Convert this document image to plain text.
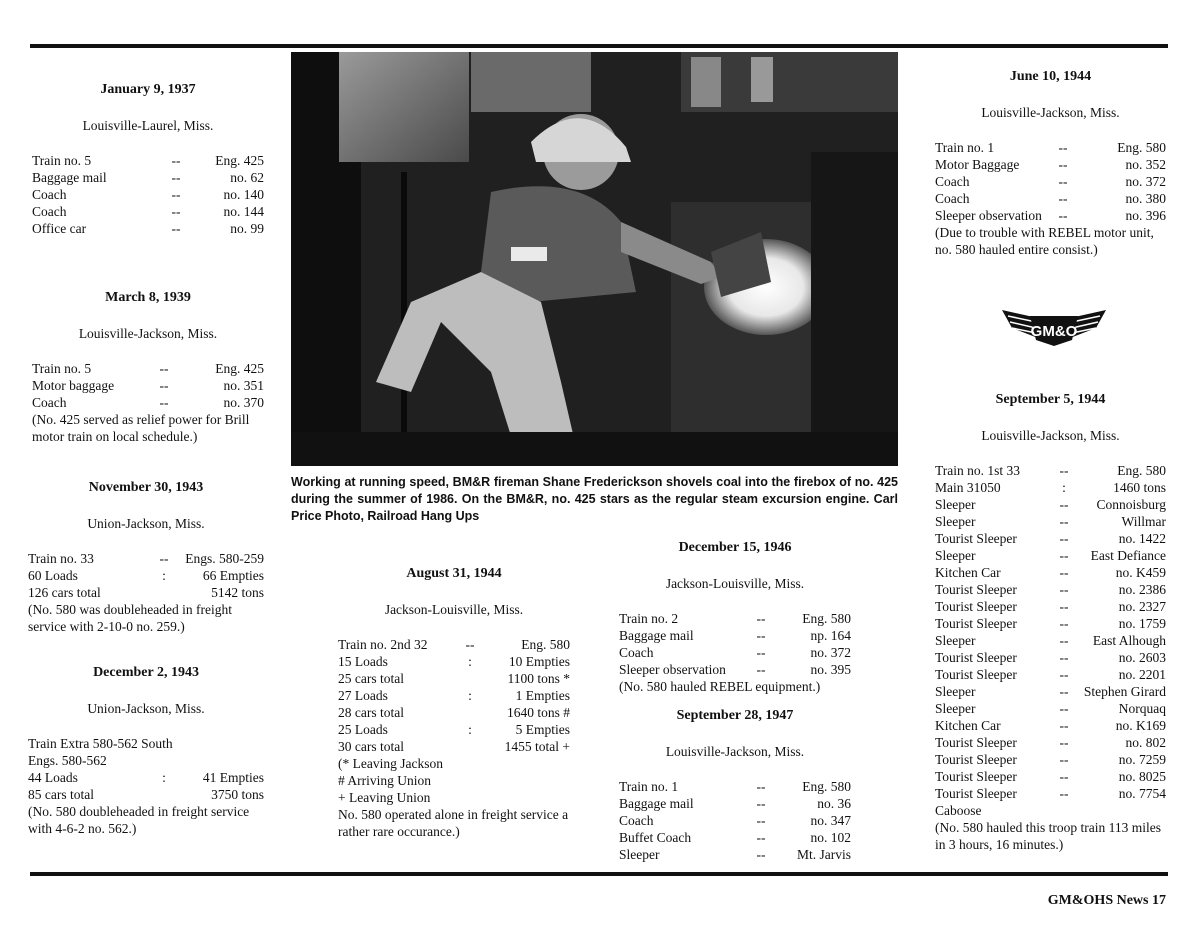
January 9, 1937
Louisville-Laurel, Miss.
Train no. 5	--	Eng. 425
Baggage mail	--	no. 62
Coach	--	no. 140
Coach	--	no. 144
Office car	--	no. 99
March 8, 1939
Louisville-Jackson, Miss.
Train no. 5	--	Eng. 425
Motor baggage	--	no. 351
Coach	--	no. 370
(No. 425 served as relief power for Brill motor train on local schedule.)
November 30, 1943
Union-Jackson, Miss.
Train no. 33	--	Engs. 580-259
60 Loads	:	66 Empties
126 cars total	5142 tons
(No. 580 was doubleheaded in freight service with 2-10-0 no. 259.)
December 2, 1943
Union-Jackson, Miss.
Train Extra 580-562 South
Engs. 580-562
44 Loads	:	41 Empties
85 cars total	3750 tons
(No. 580 doubleheaded in freight service with 4-6-2 no. 562.)
Working at running speed, BM&R fireman Shane Frederickson shovels coal into the firebox of no. 425 during the summer of 1986. On the BM&R, no. 425 stars as the regular steam excursion engine. Carl Price Photo, Railroad Hang Ups
August 31, 1944
Jackson-Louisville, Miss.
Train no. 2nd 32	--	Eng. 580
15 Loads	:	10 Empties
25 cars total	1100 tons *
27 Loads	:	1 Empties
28 cars total	1640 tons #
25 Loads	:	5 Empties
30 cars total	1455 total +
(* Leaving Jackson
# Arriving Union
+ Leaving Union
No. 580 operated alone in freight service a rather rare occurance.)
December 15, 1946
Jackson-Louisville, Miss.
Train no. 2	--	Eng. 580
Baggage mail	--	np. 164
Coach	--	no. 372
Sleeper observation	--	no. 395
(No. 580 hauled REBEL equipment.)
September 28, 1947
Louisville-Jackson, Miss.
Train no. 1	--	Eng. 580
Baggage mail	--	no. 36
Coach	--	no. 347
Buffet Coach	--	no. 102
Sleeper	--	Mt. Jarvis
June 10, 1944
Louisville-Jackson, Miss.
Train no. 1	--	Eng. 580
Motor Baggage	--	no. 352
Coach	--	no. 372
Coach	--	no. 380
Sleeper observation	--	no. 396
(Due to trouble with REBEL motor unit, no. 580 hauled entire consist.)
GM&O
September 5, 1944
Louisville-Jackson, Miss.
Train no. 1st 33	--	Eng. 580
Main 31050	:	1460 tons
Sleeper	--	Connoisburg
Sleeper	--	Willmar
Tourist Sleeper	--	no. 1422
Sleeper	--	East Defiance
Kitchen Car	--	no. K459
Tourist Sleeper	--	no. 2386
Tourist Sleeper	--	no. 2327
Tourist Sleeper	--	no. 1759
Sleeper	--	East Alhough
Tourist Sleeper	--	no. 2603
Tourist Sleeper	--	no. 2201
Sleeper	--	Stephen Girard
Sleeper	--	Norquaq
Kitchen Car	--	no. K169
Tourist Sleeper	--	no. 802
Tourist Sleeper	--	no. 7259
Tourist Sleeper	--	no. 8025
Tourist Sleeper	--	no. 7754
Caboose
(No. 580 hauled this troop train 113 miles in 3 hours, 16 minutes.)
GM&OHS News 17
